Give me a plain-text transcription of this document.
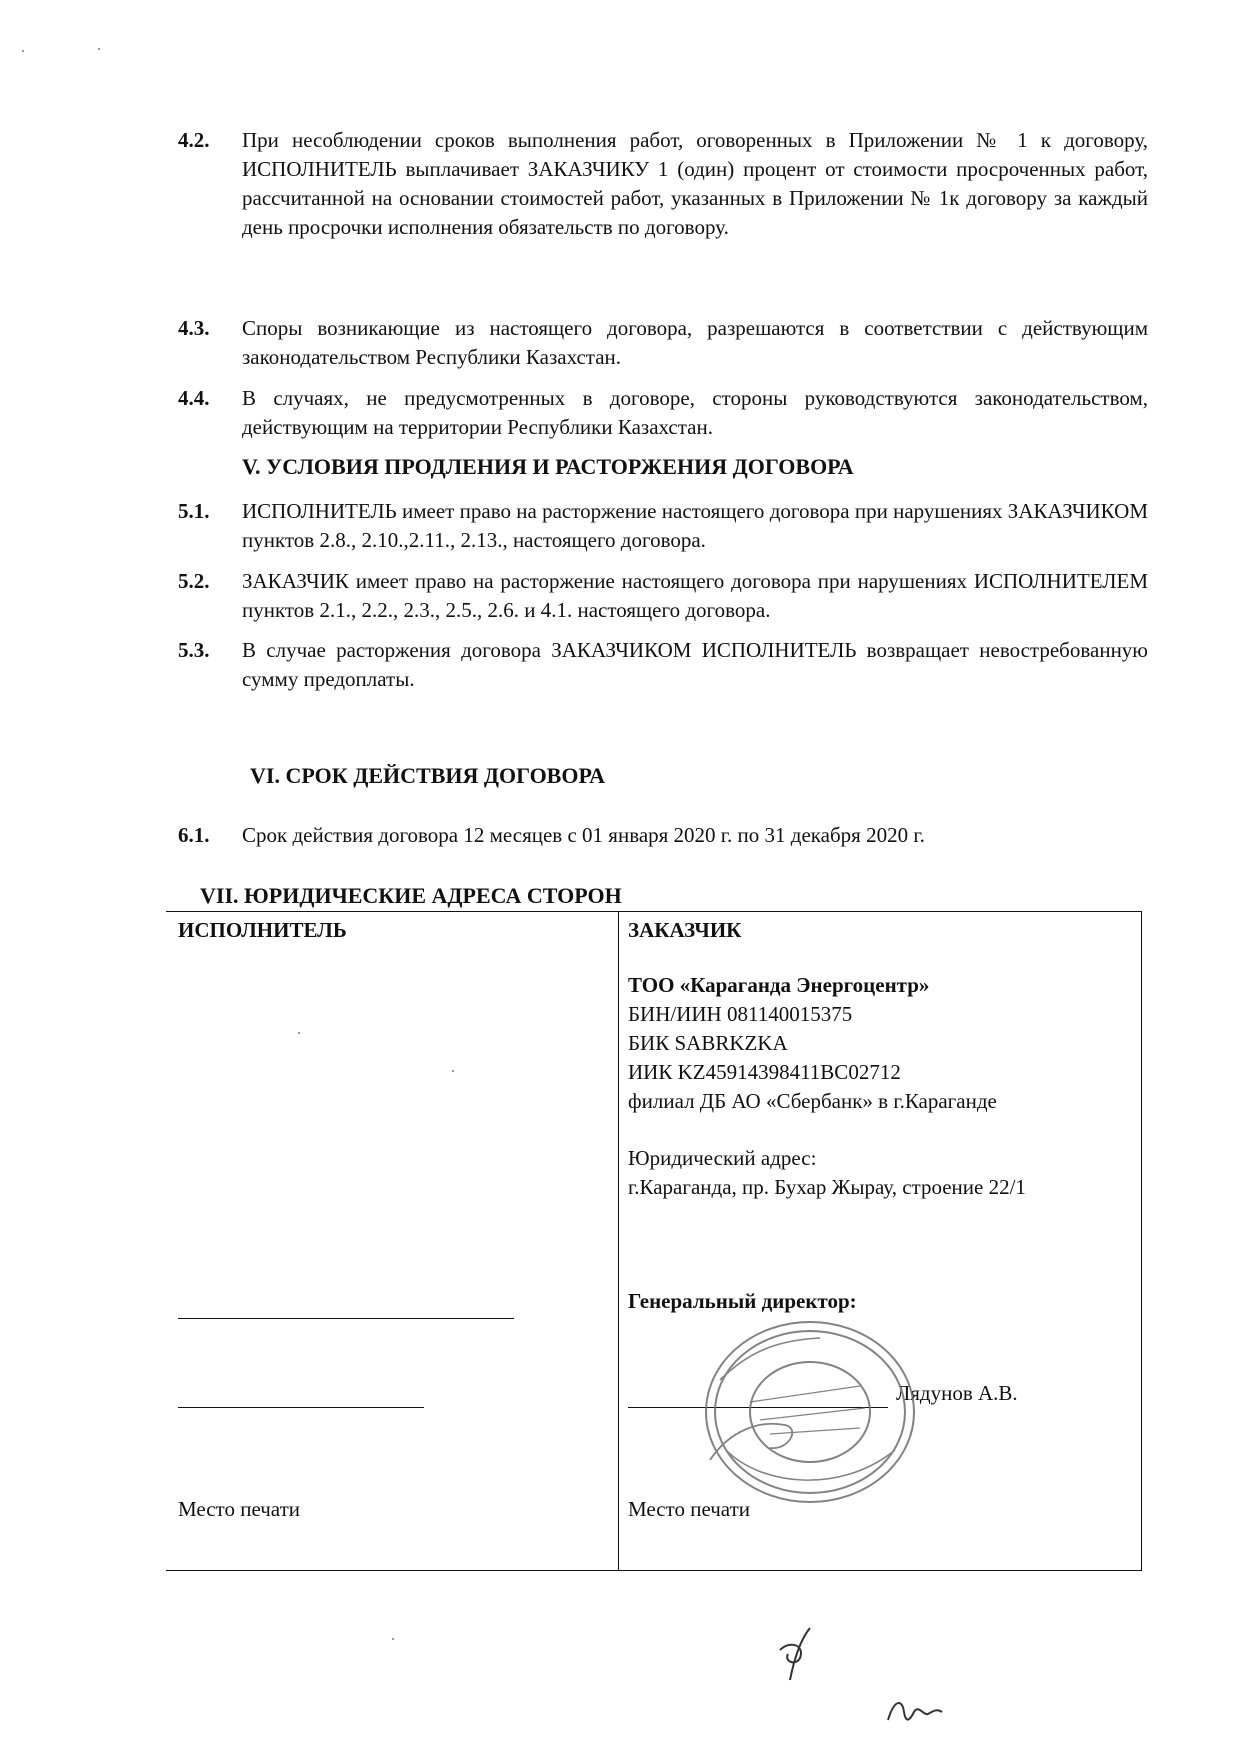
4.2.	При несоблюдении сроков выполнения работ, оговоренных в Приложении № 1 к договору, ИСПОЛНИТЕЛЬ выплачивает ЗАКАЗЧИКУ 1 (один) процент от стоимости просроченных работ, рассчитанной на основании стоимостей работ, указанных в Приложении № 1к договору за каждый день просрочки исполнения обязательств по договору.
4.3.	Споры возникающие из настоящего договора, разрешаются в соответствии с действующим законодательством Республики Казахстан.
4.4.	В случаях, не предусмотренных в договоре, стороны руководствуются законодательством, действующим на территории Республики Казахстан.
V. УСЛОВИЯ ПРОДЛЕНИЯ И РАСТОРЖЕНИЯ ДОГОВОРА
5.1.	ИСПОЛНИТЕЛЬ имеет право на расторжение настоящего договора при нарушениях ЗАКАЗЧИКОМ пунктов 2.8., 2.10.,2.11., 2.13., настоящего договора.
5.2.	ЗАКАЗЧИК имеет право на расторжение настоящего договора при нарушениях ИСПОЛНИТЕЛЕМ пунктов 2.1., 2.2., 2.3., 2.5., 2.6. и 4.1. настоящего договора.
5.3.	В случае расторжения договора ЗАКАЗЧИКОМ ИСПОЛНИТЕЛЬ возвращает невостребованную сумму предоплаты.
VI. СРОК ДЕЙСТВИЯ ДОГОВОРА
6.1.	Срок действия договора 12 месяцев с 01 января 2020 г. по 31 декабря 2020 г.
VII. ЮРИДИЧЕСКИЕ АДРЕСА СТОРОН
ИСПОЛНИТЕЛЬ
Место печати
ЗАКАЗЧИК
ТОО «Караганда Энергоцентр»
БИН/ИИН 081140015375
БИК SABRKZKA
ИИК KZ45914398411BC02712
филиал ДБ АО «Сбербанк» в г.Караганде
Юридический адрес:
г.Караганда, пр. Бухар Жырау, строение 22/1
Генеральный директор:
Лядунов А.В.
Место печати
